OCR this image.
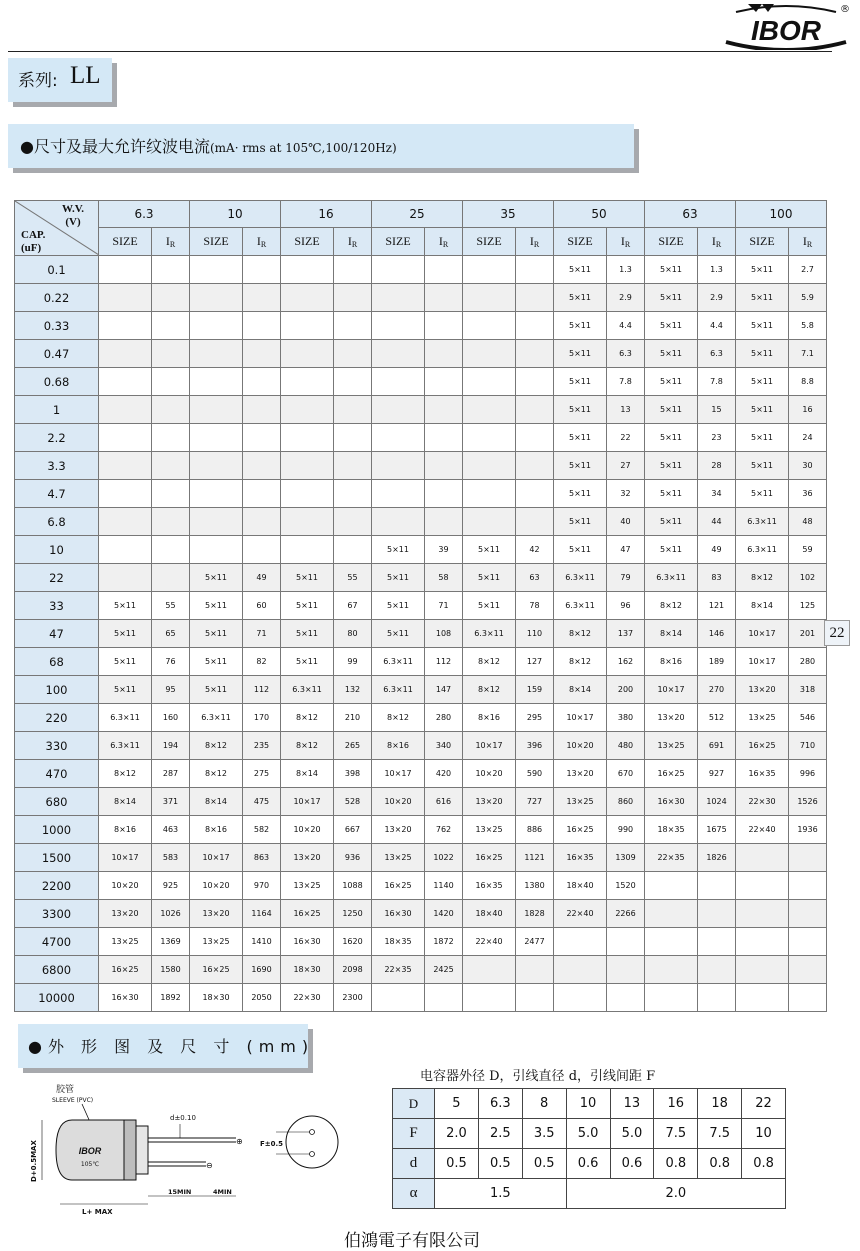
IBOR
®
系列: LL
●尺寸及最大允许纹波电流(mA· rms at 105℃,100/120Hz)
W.V.
(V)
CAP.
(uF)	6.3		10		16		25		35		50		63		100	
	SIZE	$I_R$	SIZE	$I_R$	SIZE	$I_R$	SIZE	$I_R$	SIZE	$I_R$	SIZE	$I_R$	SIZE	$I_R$	SIZE	$I_R$
0.1											5×11	1.3	5×11	1.3	5×11	2.7
0.22											5×11	2.9	5×11	2.9	5×11	5.9
0.33											5×11	4.4	5×11	4.4	5×11	5.8
0.47											5×11	6.3	5×11	6.3	5×11	7.1
0.68											5×11	7.8	5×11	7.8	5×11	8.8
1											5×11	13	5×11	15	5×11	16
2.2											5×11	22	5×11	23	5×11	24
3.3											5×11	27	5×11	28	5×11	30
4.7											5×11	32	5×11	34	5×11	36
6.8											5×11	40	5×11	44	6.3×11	48
10							5×11	39	5×11	42	5×11	47	5×11	49	6.3×11	59
22			5×11	49	5×11	55	5×11	58	5×11	63	6.3×11	79	6.3×11	83	8×12	102
33	5×11	55	5×11	60	5×11	67	5×11	71	5×11	78	6.3×11	96	8×12	121	8×14	125
47	5×11	65	5×11	71	5×11	80	5×11	108	6.3×11	110	8×12	137	8×14	146	10×17	201
68	5×11	76	5×11	82	5×11	99	6.3×11	112	8×12	127	8×12	162	8×16	189	10×17	280
100	5×11	95	5×11	112	6.3×11	132	6.3×11	147	8×12	159	8×14	200	10×17	270	13×20	318
220	6.3×11	160	6.3×11	170	8×12	210	8×12	280	8×16	295	10×17	380	13×20	512	13×25	546
330	6.3×11	194	8×12	235	8×12	265	8×16	340	10×17	396	10×20	480	13×25	691	16×25	710
470	8×12	287	8×12	275	8×14	398	10×17	420	10×20	590	13×20	670	16×25	927	16×35	996
680	8×14	371	8×14	475	10×17	528	10×20	616	13×20	727	13×25	860	16×30	1024	22×30	1526
1000	8×16	463	8×16	582	10×20	667	13×20	762	13×25	886	16×25	990	18×35	1675	22×40	1936
1500	10×17	583	10×17	863	13×20	936	13×25	1022	16×25	1121	16×35	1309	22×35	1826		
2200	10×20	925	10×20	970	13×25	1088	16×25	1140	16×35	1380	18×40	1520				
3300	13×20	1026	13×20	1164	16×25	1250	16×30	1420	18×40	1828	22×40	2266				
4700	13×25	1369	13×25	1410	16×30	1620	18×35	1872	22×40	2477						
6800	16×25	1580	16×25	1690	18×30	2098	22×35	2425								
10000	16×30	1892	18×30	2050	22×30	2300										
22
●外 形 图 及 尺 寸 (mm)
胶管
SLEEVE (PVC)
IBOR
105℃
⊕
⊖
d±0.10
D+0.5MAX
L+ MAX
15MIN	4MIN
F±0.5
电容器外径 D，引线直径 d，引线间距 F
D	5	6.3	8	10	13	16	18	22
F	2.0	2.5	3.5	5.0	5.0	7.5	7.5	10
d	0.5	0.5	0.5	0.6	0.6	0.8	0.8	0.8
α	1.5			2.0				
伯鴻電子有限公司
